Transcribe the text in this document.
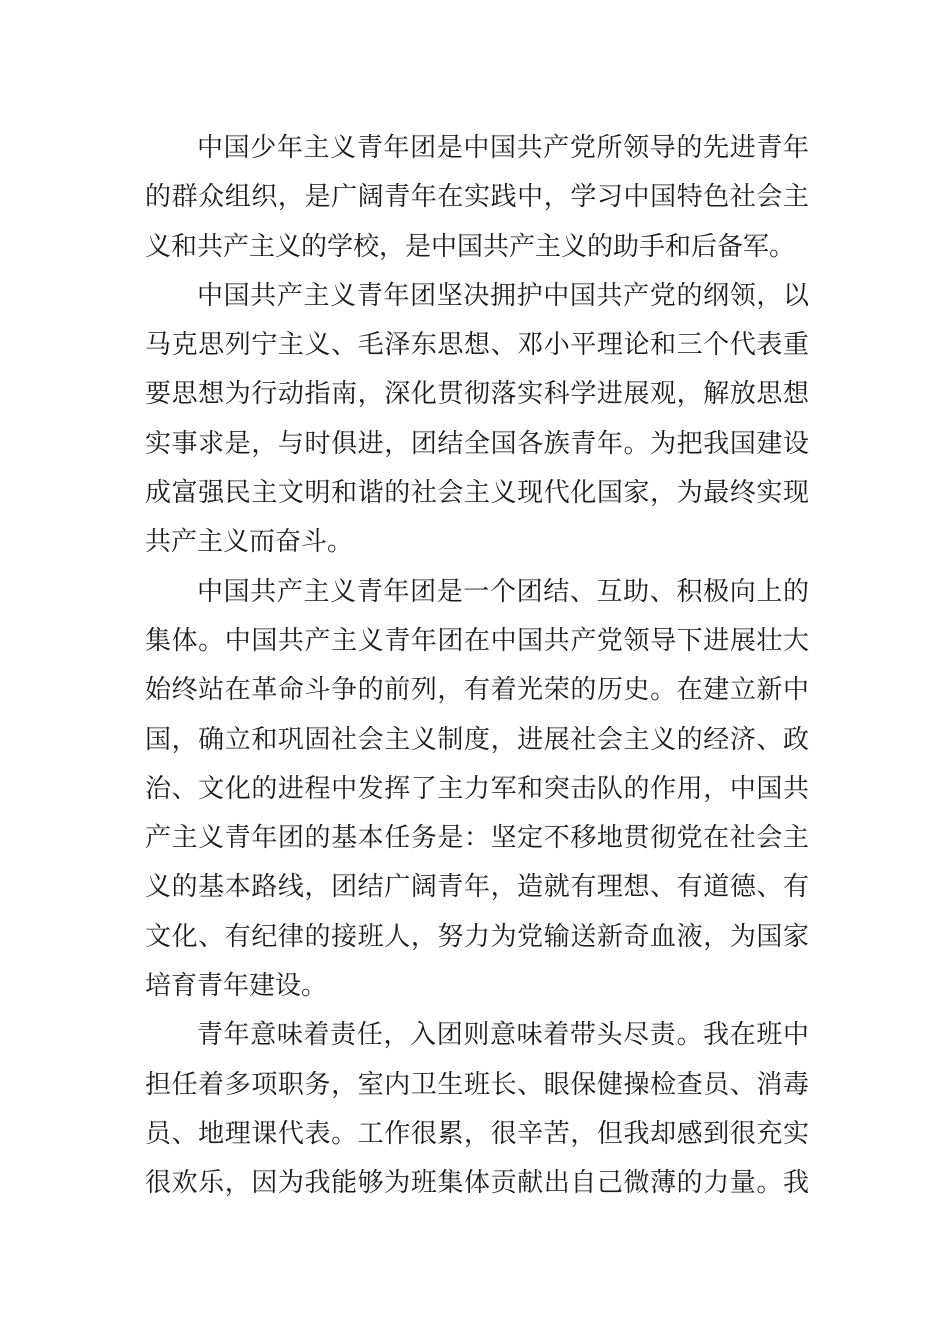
中国少年主义青年团是中国共产党所领导的先进青年
的群众组织，是广阔青年在实践中，学习中国特色社会主
义和共产主义的学校，是中国共产主义的助手和后备军。
中国共产主义青年团坚决拥护中国共产党的纲领，以
马克思列宁主义、毛泽东思想、邓小平理论和三个代表重
要思想为行动指南，深化贯彻落实科学进展观，解放思想
实事求是，与时俱进，团结全国各族青年。为把我国建设
成富强民主文明和谐的社会主义现代化国家，为最终实现
共产主义而奋斗。
中国共产主义青年团是一个团结、互助、积极向上的
集体。中国共产主义青年团在中国共产党领导下进展壮大
始终站在革命斗争的前列，有着光荣的历史。在建立新中
国，确立和巩固社会主义制度，进展社会主义的经济、政
治、文化的进程中发挥了主力军和突击队的作用，中国共
产主义青年团的基本任务是：坚定不移地贯彻党在社会主
义的基本路线，团结广阔青年，造就有理想、有道德、有
文化、有纪律的接班人，努力为党输送新奇血液，为国家
培育青年建设。
青年意味着责任，入团则意味着带头尽责。我在班中
担任着多项职务，室内卫生班长、眼保健操检查员、消毒
员、地理课代表。工作很累，很辛苦，但我却感到很充实
很欢乐，因为我能够为班集体贡献出自己微薄的力量。我
